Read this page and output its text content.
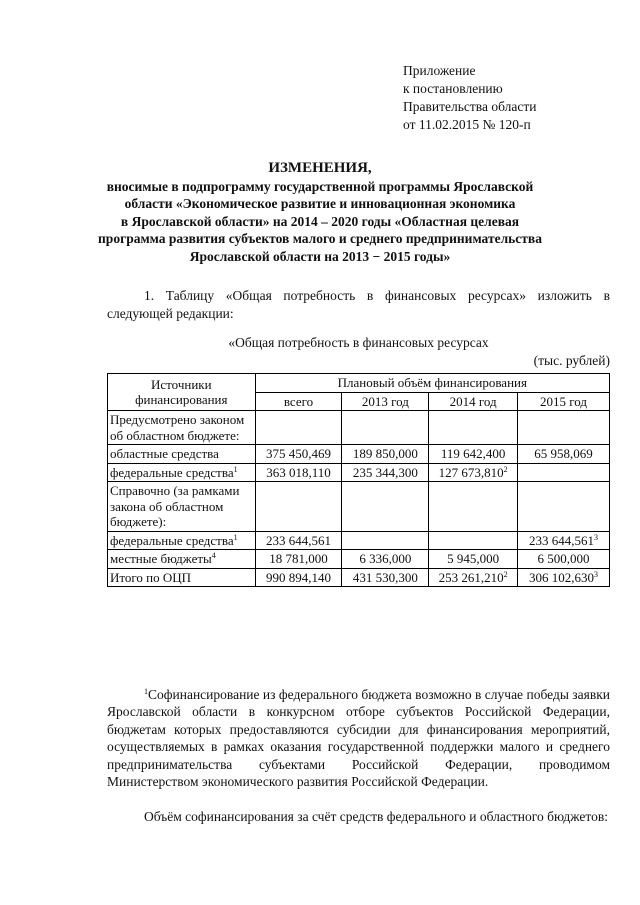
Приложение
к постановлению
Правительства области
от 11.02.2015 № 120-п
ИЗМЕНЕНИЯ,
вносимые в подпрограмму государственной программы Ярославской
области «Экономическое развитие и инновационная экономика
в Ярославской области» на 2014 – 2020 годы «Областная целевая
программа развития субъектов малого и среднего предпринимательства
Ярославской области на 2013 − 2015 годы»
1. Таблицу «Общая потребность в финансовых ресурсах» изложить в следующей редакции:
«Общая потребность в финансовых ресурсах
(тыс. рублей)
Источники финансирования	Плановый объём финансирования			
	всего	2013 год	2014 год	2015 год
Предусмотрено законом об областном бюджете:				
областные средства	375 450,469	189 850,000	119 642,400	65 958,069
федеральные средства$^1$	363 018,110	235 344,300	127 673,810$^2$	
Справочно (за рамками закона об областном бюджете):				
федеральные средства$^1$	233 644,561			233 644,561$^3$
местные бюджеты$^4$	18 781,000	6 336,000	5 945,000	6 500,000
Итого по ОЦП	990 894,140	431 530,300	253 261,210$^2$	306 102,630$^3$
$^1$Софинансирование из федерального бюджета возможно в случае победы заявки Ярославской области в конкурсном отборе субъектов Российской Федерации, бюджетам которых предоставляются субсидии для финансирования мероприятий, осуществляемых в рамках оказания государственной поддержки малого и среднего предпринимательства субъектами Российской Федерации, проводимом Министерством экономического развития Российской Федерации.
Объём софинансирования за счёт средств федерального и областного бюджетов:
